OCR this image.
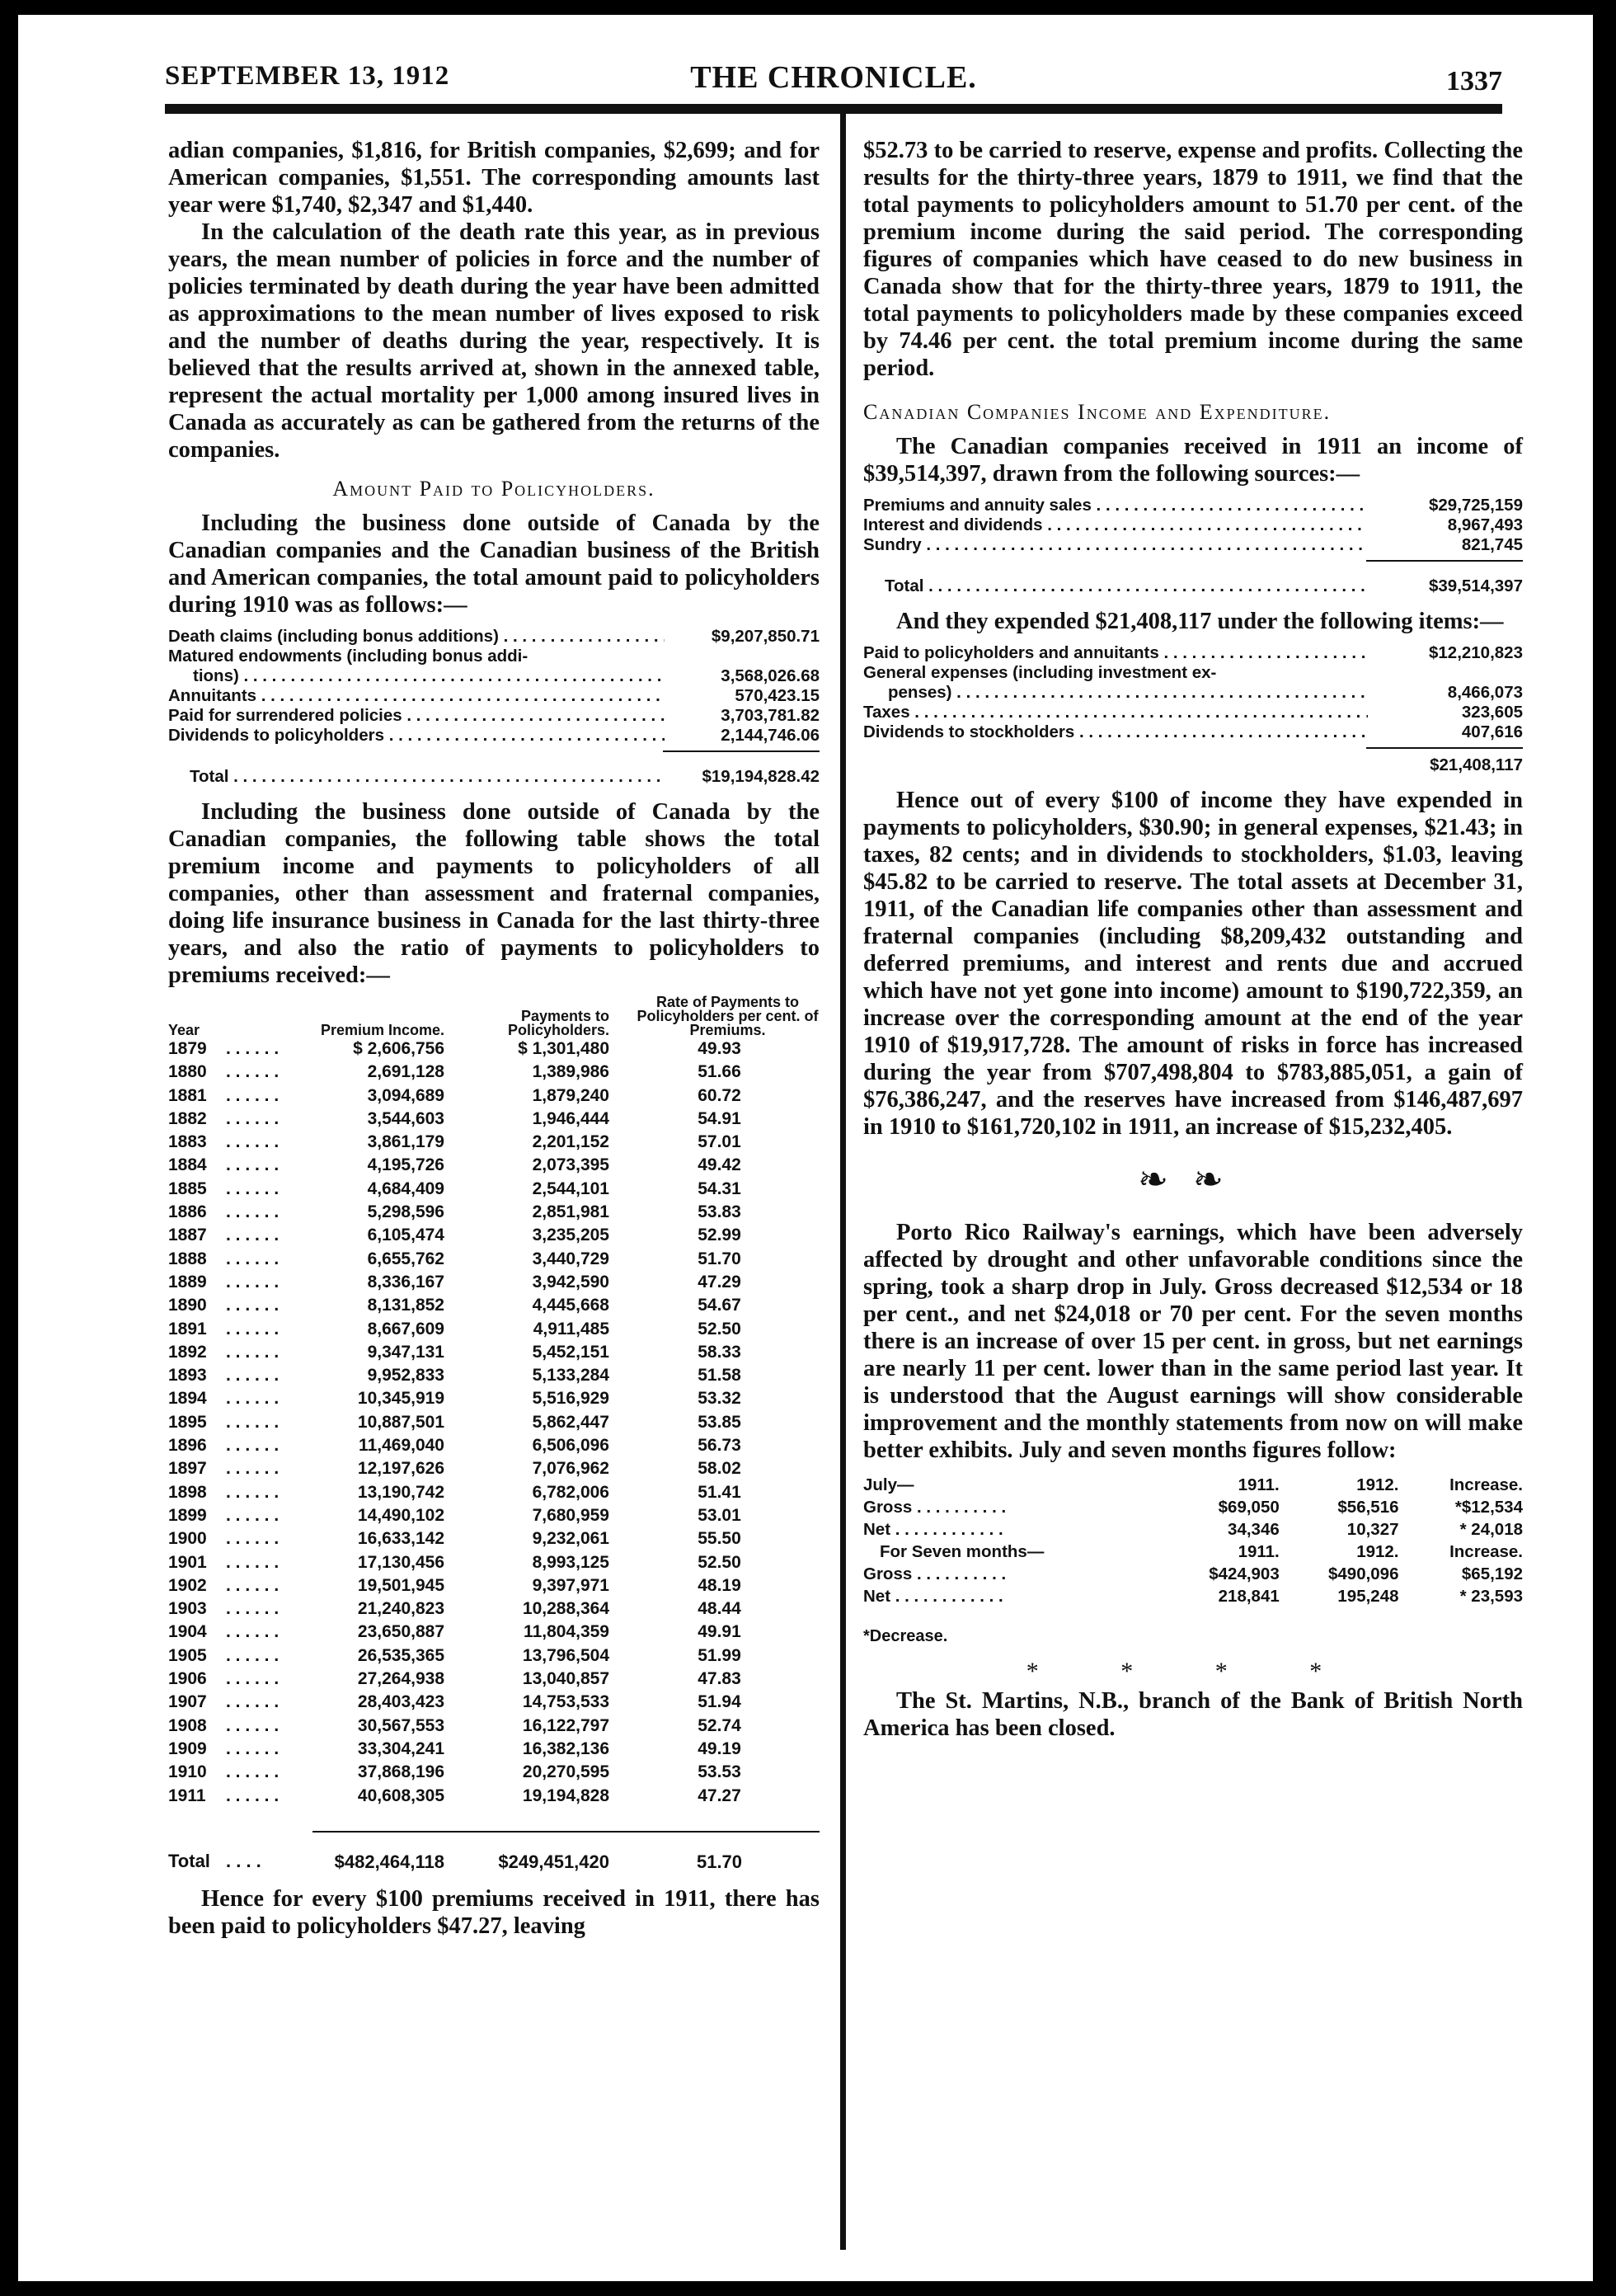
SEPTEMBER 13, 1912	THE CHRONICLE.	1337

adian companies, $1,816, for British companies, $2,699; and for American companies, $1,551. The corresponding amounts last year were $1,740, $2,347 and $1,440.

In the calculation of the death rate this year, as in previous years, the mean number of policies in force and the number of policies terminated by death during the year have been admitted as approximations to the mean number of lives exposed to risk and the number of deaths during the year, respectively. It is believed that the results arrived at, shown in the annexed table, represent the actual mortality per 1,000 among insured lives in Canada as accurately as can be gathered from the returns of the companies.

Amount Paid to Policyholders.

Including the business done outside of Canada by the Canadian companies and the Canadian business of the British and American companies, the total amount paid to policyholders during 1910 was as follows:—

Death claims (including bonus additions) . . .	$9,207,850.71
Matured endowments (including bonus addi-
tions) . . .	3,568,026.68
Annuitants . . .	570,423.15
Paid for surrendered policies . . .	3,703,781.82
Dividends to policyholders . . .	2,144,746.06
Total . . .	$19,194,828.42

Including the business done outside of Canada by the Canadian companies, the following table shows the total premium income and payments to policyholders of all companies, other than assessment and fraternal companies, doing life insurance business in Canada for the last thirty-three years, and also the ratio of payments to policyholders to premiums received:—

Year		Premium Income.	Payments to Policyholders.	Rate of Payments to Policyholders per cent. of Premiums.
1879	. . . . . .	$ 2,606,756	$ 1,301,480	49.93
1880	. . . . . .	2,691,128	1,389,986	51.66
1881	. . . . . .	3,094,689	1,879,240	60.72
1882	. . . . . .	3,544,603	1,946,444	54.91
1883	. . . . . .	3,861,179	2,201,152	57.01
1884	. . . . . .	4,195,726	2,073,395	49.42
1885	. . . . . .	4,684,409	2,544,101	54.31
1886	. . . . . .	5,298,596	2,851,981	53.83
1887	. . . . . .	6,105,474	3,235,205	52.99
1888	. . . . . .	6,655,762	3,440,729	51.70
1889	. . . . . .	8,336,167	3,942,590	47.29
1890	. . . . . .	8,131,852	4,445,668	54.67
1891	. . . . . .	8,667,609	4,911,485	52.50
1892	. . . . . .	9,347,131	5,452,151	58.33
1893	. . . . . .	9,952,833	5,133,284	51.58
1894	. . . . . .	10,345,919	5,516,929	53.32
1895	. . . . . .	10,887,501	5,862,447	53.85
1896	. . . . . .	11,469,040	6,506,096	56.73
1897	. . . . . .	12,197,626	7,076,962	58.02
1898	. . . . . .	13,190,742	6,782,006	51.41
1899	. . . . . .	14,490,102	7,680,959	53.01
1900	. . . . . .	16,633,142	9,232,061	55.50
1901	. . . . . .	17,130,456	8,993,125	52.50
1902	. . . . . .	19,501,945	9,397,971	48.19
1903	. . . . . .	21,240,823	10,288,364	48.44
1904	. . . . . .	23,650,887	11,804,359	49.91
1905	. . . . . .	26,535,365	13,796,504	51.99
1906	. . . . . .	27,264,938	13,040,857	47.83
1907	. . . . . .	28,403,423	14,753,533	51.94
1908	. . . . . .	30,567,553	16,122,797	52.74
1909	. . . . . .	33,304,241	16,382,136	49.19
1910	. . . . . .	37,868,196	20,270,595	53.53
1911	. . . . . .	40,608,305	19,194,828	47.27

Total	. . . .	$482,464,118	$249,451,420	51.70

Hence for every $100 premiums received in 1911, there has been paid to policyholders $47.27, leaving

$52.73 to be carried to reserve, expense and profits. Collecting the results for the thirty-three years, 1879 to 1911, we find that the total payments to policyholders amount to 51.70 per cent. of the premium income during the said period. The corresponding figures of companies which have ceased to do new business in Canada show that for the thirty-three years, 1879 to 1911, the total payments to policyholders made by these companies exceed by 74.46 per cent. the total premium income during the same period.

Canadian Companies Income and Expenditure.

The Canadian companies received in 1911 an income of $39,514,397, drawn from the following sources:—

Premiums and annuity sales . . .	$29,725,159
Interest and dividends . . .	8,967,493
Sundry . . .	821,745
Total . . .	$39,514,397

And they expended $21,408,117 under the following items:—

Paid to policyholders and annuitants . . .	$12,210,823
General expenses (including investment ex-
penses) . . .	8,466,073
Taxes . . .	323,605
Dividends to stockholders . . .	407,616
$21,408,117

Hence out of every $100 of income they have expended in payments to policyholders, $30.90; in general expenses, $21.43; in taxes, 82 cents; and in dividends to stockholders, $1.03, leaving $45.82 to be carried to reserve. The total assets at December 31, 1911, of the Canadian life companies other than assessment and fraternal companies (including $8,209,432 outstanding and deferred premiums, and interest and rents due and accrued which have not yet gone into income) amount to $190,722,359, an increase over the corresponding amount at the end of the year 1910 of $19,917,728. The amount of risks in force has increased during the year from $707,498,804 to $783,885,051, a gain of $76,386,247, and the reserves have increased from $146,487,697 in 1910 to $161,720,102 in 1911, an increase of $15,232,405.

❧❧

Porto Rico Railway's earnings, which have been adversely affected by drought and other unfavorable conditions since the spring, took a sharp drop in July. Gross decreased $12,534 or 18 per cent., and net $24,018 or 70 per cent. For the seven months there is an increase of over 15 per cent. in gross, but net earnings are nearly 11 per cent. lower than in the same period last year. It is understood that the August earnings will show considerable improvement and the monthly statements from now on will make better exhibits. July and seven months figures follow:

July—	1911.	1912.	Increase.
Gross . . . . . . . . . .	$69,050	$56,516	*$12,534
Net . . . . . . . . . . . .	34,346	10,327	* 24,018
For Seven months—	1911.	1912.	Increase.
Gross . . . . . . . . . .	$424,903	$490,096	$65,192
Net . . . . . . . . . . . .	218,841	195,248	* 23,593
*Decrease.
* * * *

The St. Martins, N.B., branch of the Bank of British North America has been closed.
